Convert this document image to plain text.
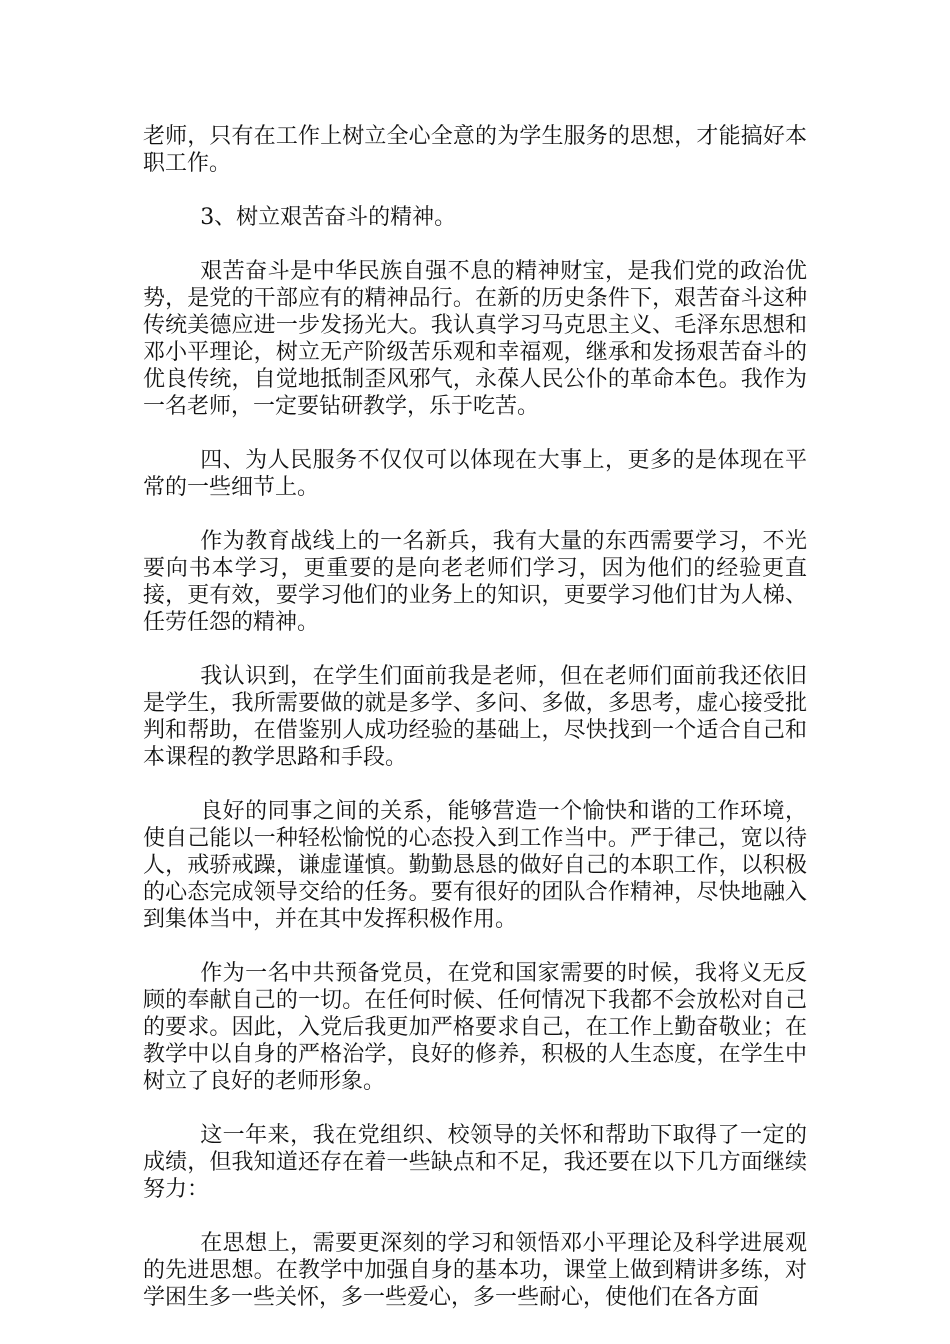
老师，只有在工作上树立全心全意的为学生服务的思想，才能搞好本职工作。

3、树立艰苦奋斗的精神。

艰苦奋斗是中华民族自强不息的精神财宝，是我们党的政治优势，是党的干部应有的精神品行。在新的历史条件下，艰苦奋斗这种传统美德应进一步发扬光大。我认真学习马克思主义、毛泽东思想和邓小平理论，树立无产阶级苦乐观和幸福观，继承和发扬艰苦奋斗的优良传统，自觉地抵制歪风邪气，永葆人民公仆的革命本色。我作为一名老师，一定要钻研教学，乐于吃苦。

四、为人民服务不仅仅可以体现在大事上，更多的是体现在平常的一些细节上。

作为教育战线上的一名新兵，我有大量的东西需要学习，不光要向书本学习，更重要的是向老老师们学习，因为他们的经验更直接，更有效，要学习他们的业务上的知识，更要学习他们甘为人梯、任劳任怨的精神。

我认识到，在学生们面前我是老师，但在老师们面前我还依旧是学生，我所需要做的就是多学、多问、多做，多思考，虚心接受批判和帮助，在借鉴别人成功经验的基础上，尽快找到一个适合自己和本课程的教学思路和手段。

良好的同事之间的关系，能够营造一个愉快和谐的工作环境，使自己能以一种轻松愉悦的心态投入到工作当中。严于律己，宽以待人，戒骄戒躁，谦虚谨慎。勤勤恳恳的做好自己的本职工作，以积极的心态完成领导交给的任务。要有很好的团队合作精神，尽快地融入到集体当中，并在其中发挥积极作用。

作为一名中共预备党员，在党和国家需要的时候，我将义无反顾的奉献自己的一切。在任何时候、任何情况下我都不会放松对自己的要求。因此，入党后我更加严格要求自己，在工作上勤奋敬业；在教学中以自身的严格治学，良好的修养，积极的人生态度，在学生中树立了良好的老师形象。

这一年来，我在党组织、校领导的关怀和帮助下取得了一定的成绩，但我知道还存在着一些缺点和不足，我还要在以下几方面继续努力：

在思想上，需要更深刻的学习和领悟邓小平理论及科学进展观的先进思想。在教学中加强自身的基本功，课堂上做到精讲多练，对学困生多一些关怀，多一些爱心，多一些耐心，使他们在各方面
